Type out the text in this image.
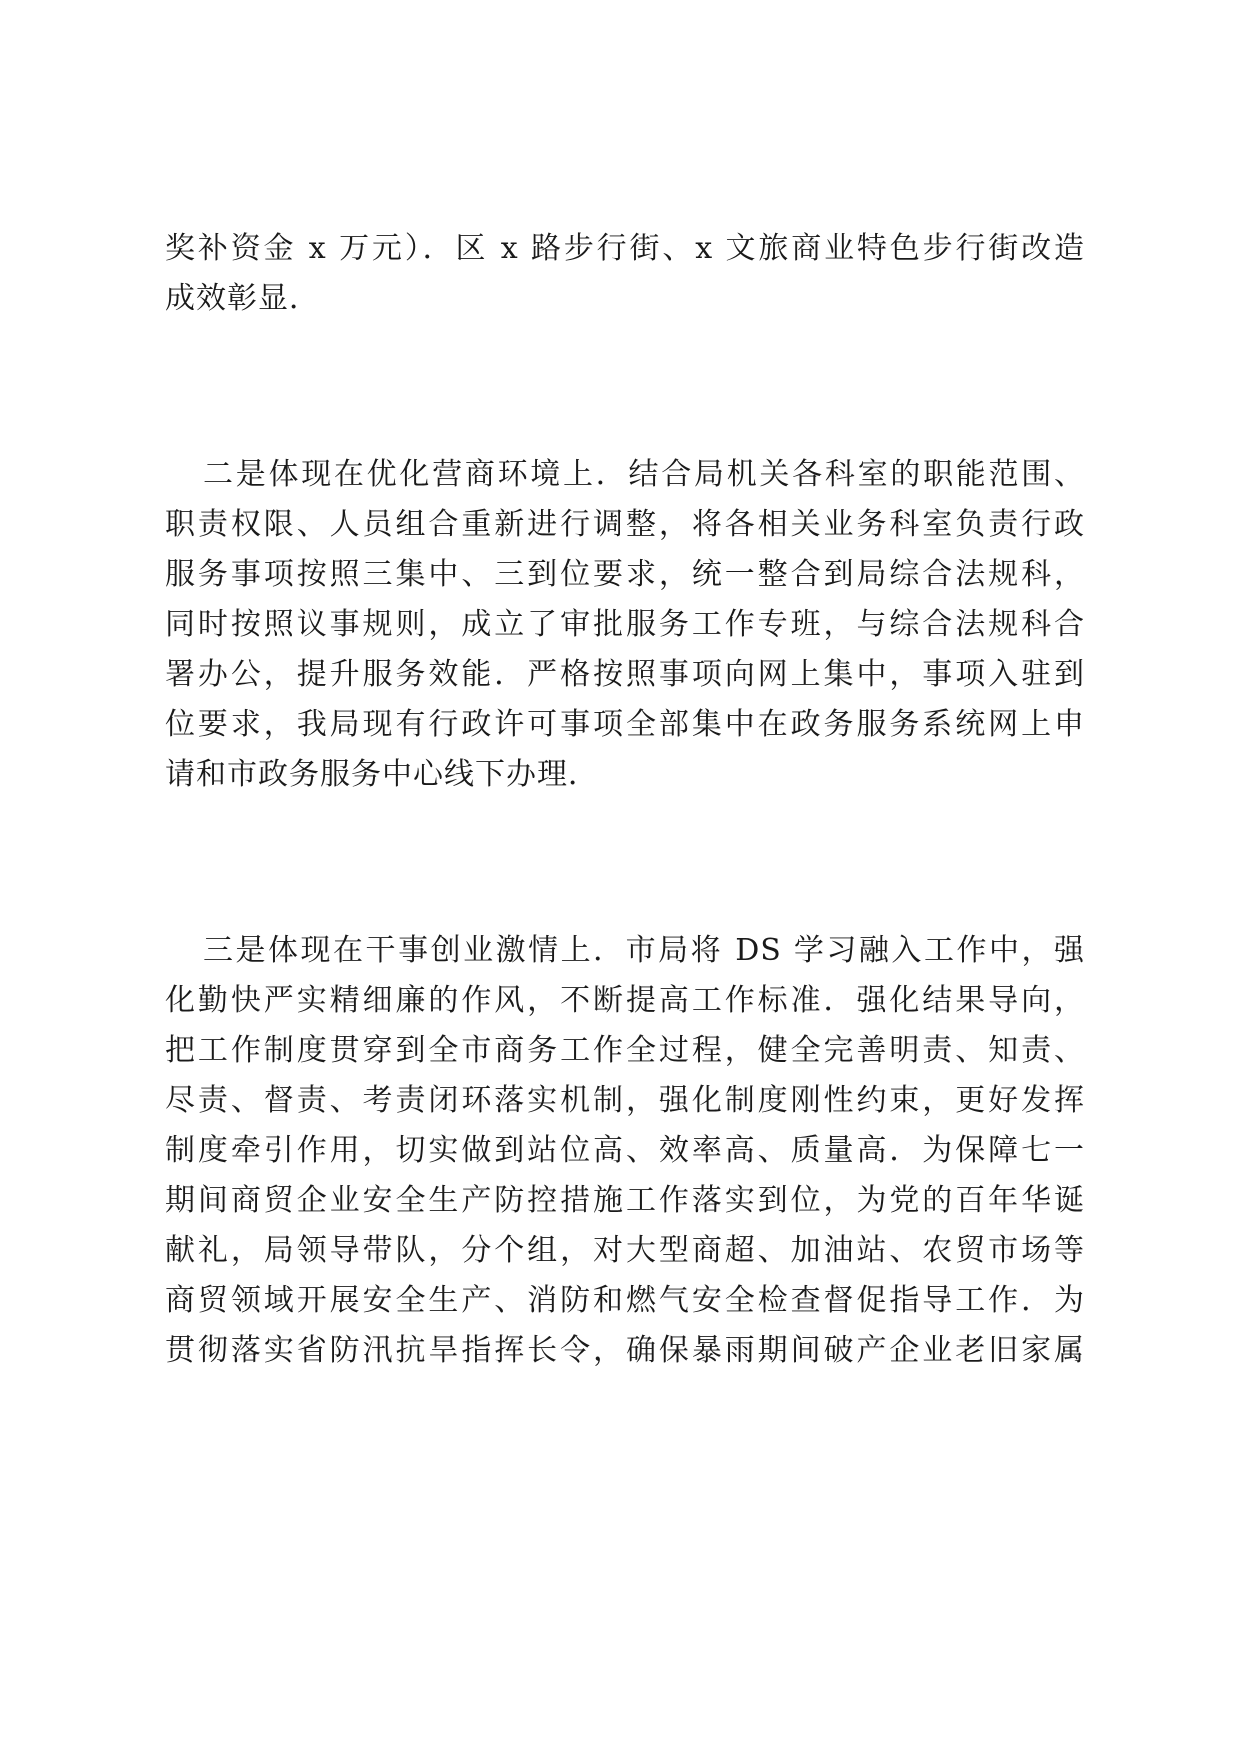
奖补资金 x 万元）．区 x 路步行街、x 文旅商业特色步行街改造
成效彰显．
二是体现在优化营商环境上．结合局机关各科室的职能范围、
职责权限、人员组合重新进行调整，将各相关业务科室负责行政
服务事项按照三集中、三到位要求，统一整合到局综合法规科，
同时按照议事规则，成立了审批服务工作专班，与综合法规科合
署办公，提升服务效能．严格按照事项向网上集中，事项入驻到
位要求，我局现有行政许可事项全部集中在政务服务系统网上申
请和市政务服务中心线下办理．
三是体现在干事创业激情上．市局将 DS 学习融入工作中，强
化勤快严实精细廉的作风，不断提高工作标准．强化结果导向，
把工作制度贯穿到全市商务工作全过程，健全完善明责、知责、
尽责、督责、考责闭环落实机制，强化制度刚性约束，更好发挥
制度牵引作用，切实做到站位高、效率高、质量高．为保障七一
期间商贸企业安全生产防控措施工作落实到位，为党的百年华诞
献礼，局领导带队，分个组，对大型商超、加油站、农贸市场等
商贸领域开展安全生产、消防和燃气安全检查督促指导工作．为
贯彻落实省防汛抗旱指挥长令，确保暴雨期间破产企业老旧家属
